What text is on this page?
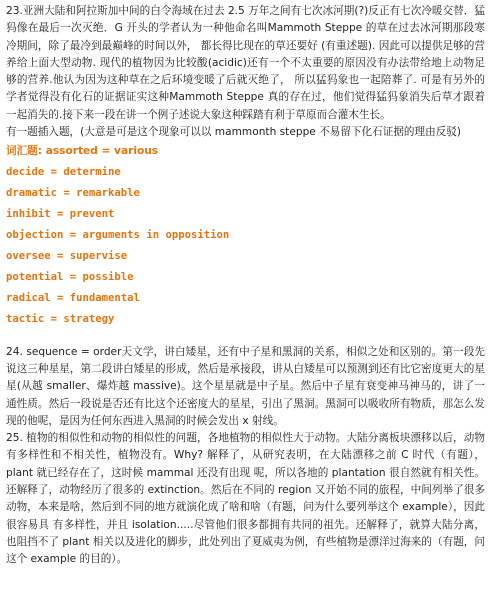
23.亚洲大陆和阿拉斯加中间的白令海域在过去 2.5 万年之间有七次冰河期(?)反正有七次冷暖交替．猛犸像在最后一次灭绝．G 开头的学者认为一种他命名叫Mammoth Steppe 的草在过去冰河期那段寒冷期间，除了最冷到最巅峰的时间以外， 都长得比现在的草还要好 (有重述题). 因此可以提供足够的营养给上面大型动物. 现代的植物因为比较酸(acidic)还有一个不太重要的原因没有办法带给地上动物足够的营养.他认为因为这种草在之后环境变暖了后就灭绝了， 所以猛犸象也一起陪葬了. 可是有另外的学者觉得没有化石的证据证实这种Mammoth Steppe 真的存在过，他们觉得猛犸象消失后草才跟着一起消失的.接下来一段在讲一个例子述说大象这种踩踏有利于草原而合灌木生长。

有一题插入题，(大意是可是这个现象可以以 mammonth steppe 不易留下化石证据的理由反驳)

词汇题: assorted = various

decide = determine
dramatic = remarkable
inhibit = prevent
objection = arguments in opposition
oversee = supervise
potential = possible
radical = fundamental
tactic = strategy

24. sequence = order天文学，讲白矮星，还有中子星和黑洞的关系，相似之处和区别的。第一段先说这三种星星，第二段讲白矮星的形成，然后是承接段，讲从白矮星可以预测到还有比它密度更大的星星(从越 smaller、爆炸越 massive)。这个星星就是中子星。然后中子星有衰变神马神马的，讲了一通性质。然后一段说是否还有比这个还密度大的星星，引出了黑洞。黑洞可以吸收所有物质，那怎么发现的他呢，是因为任何东西进入黑洞的时候会发出 x 射线。

25. 植物的相似性和动物的相似性的问题，各地植物的相似性大于动物。大陆分离板块漂移以后，动物有多样性和不相关性，植物没有。Why? 解释了，从研究表明，在大陆漂移之前 C 时代（有题），plant 就已经存在了，这时候 mammal 还没有出现 呢，所以各地的 plantation 很自然就有相关性。还解释了，动物经历了很多的 extinction。然后在不同的 region 又开始不同的旅程，中间列举了很多动物，本来是啥，然后到不同的地方就演化成了啥和啥（有题，问为什么要列举这个 example），因此很容易具 有多样性，并且 isolation.....尽管他们很多都拥有共同的祖先。还解释了，就算大陆分离，也阻挡不了 plant 相关以及进化的脚步，此处列出了夏威夷为例，有些植物是漂洋过海来的（有题，问这个 example 的目的）。
